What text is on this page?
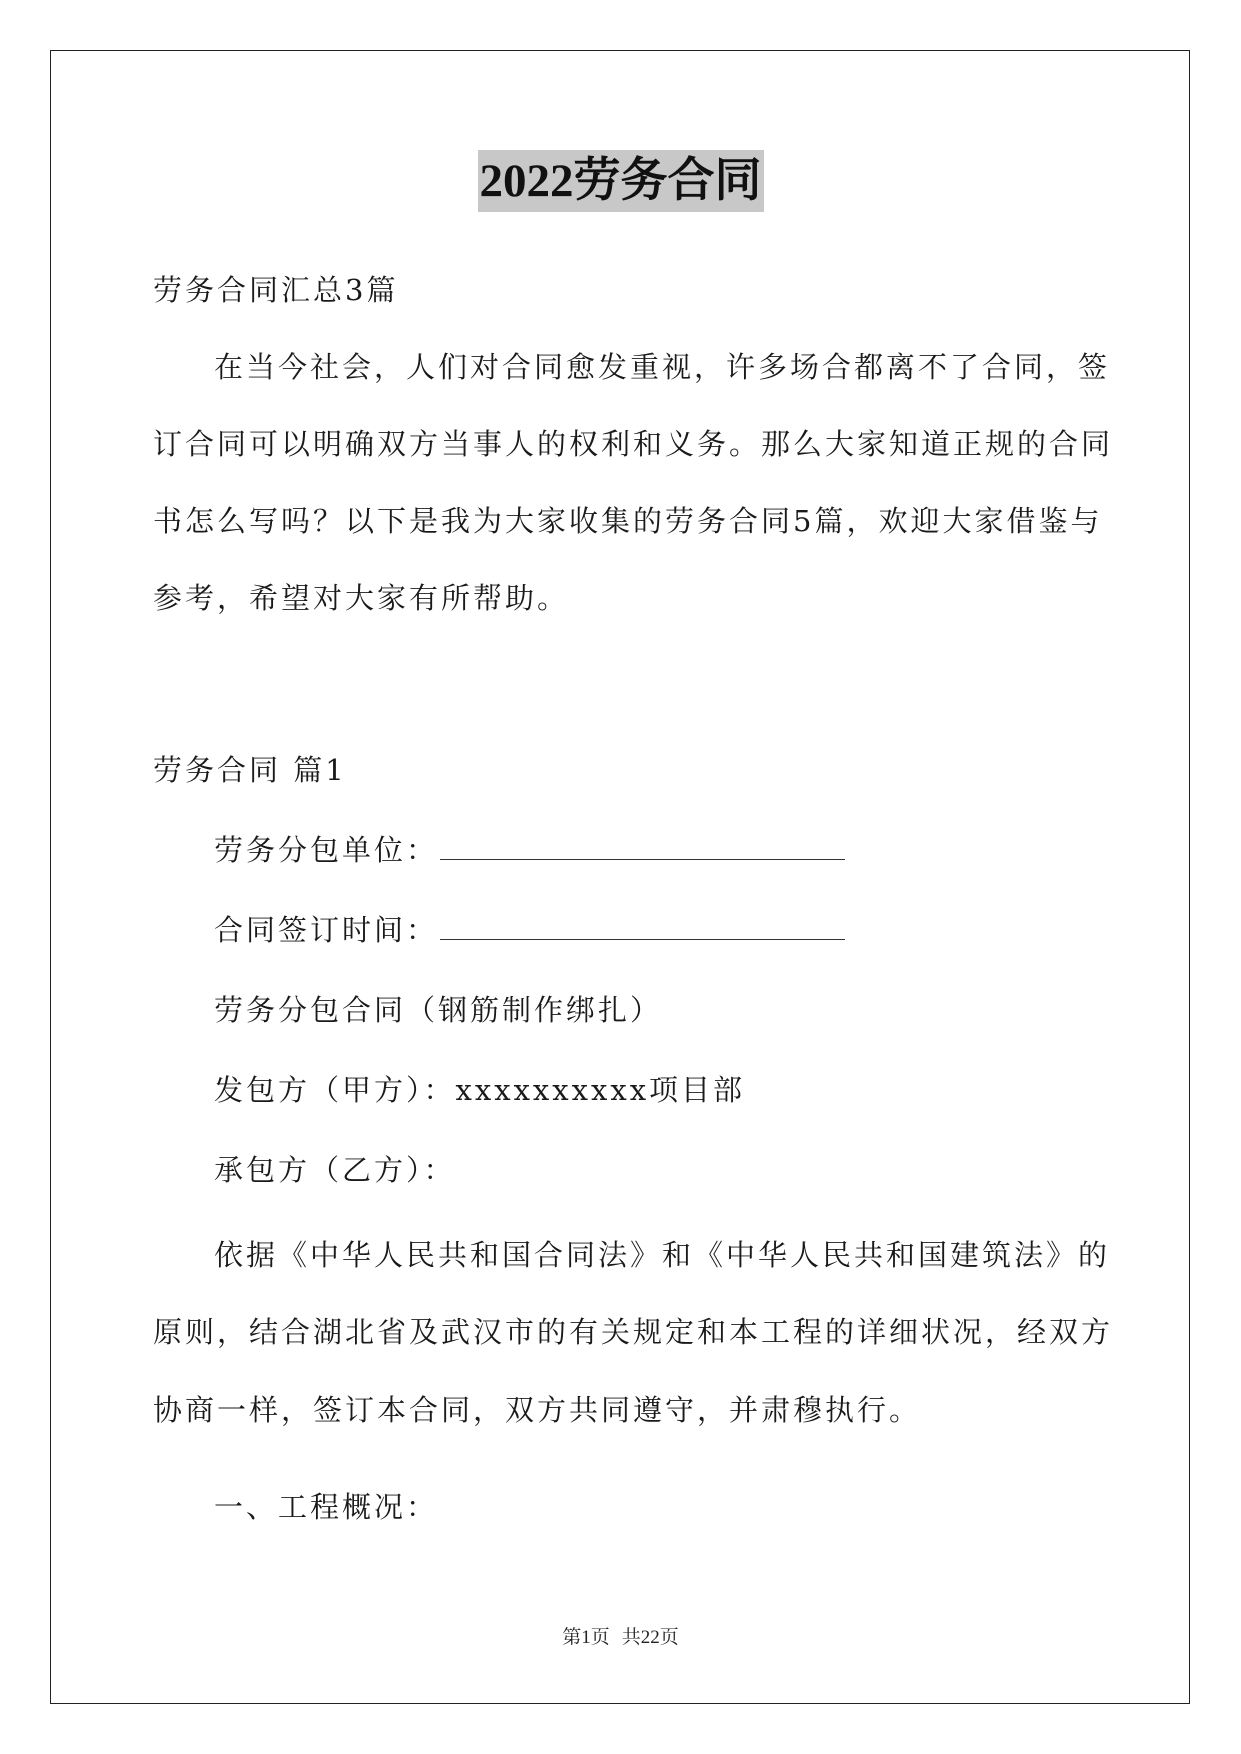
2022劳务合同
劳务合同汇总3篇
在当今社会，人们对合同愈发重视，许多场合都离不了合同，签
订合同可以明确双方当事人的权利和义务。那么大家知道正规的合同
书怎么写吗？以下是我为大家收集的劳务合同5篇，欢迎大家借鉴与
参考，希望对大家有所帮助。
劳务合同 篇1
劳务分包单位：
合同签订时间：
劳务分包合同（钢筋制作绑扎）
发包方（甲方）：xxxxxxxxxx项目部
承包方（乙方）：
依据《中华人民共和国合同法》和《中华人民共和国建筑法》的
原则，结合湖北省及武汉市的有关规定和本工程的详细状况，经双方
协商一样，签订本合同，双方共同遵守，并肃穆执行。
一、工程概况：
第1页 共22页
